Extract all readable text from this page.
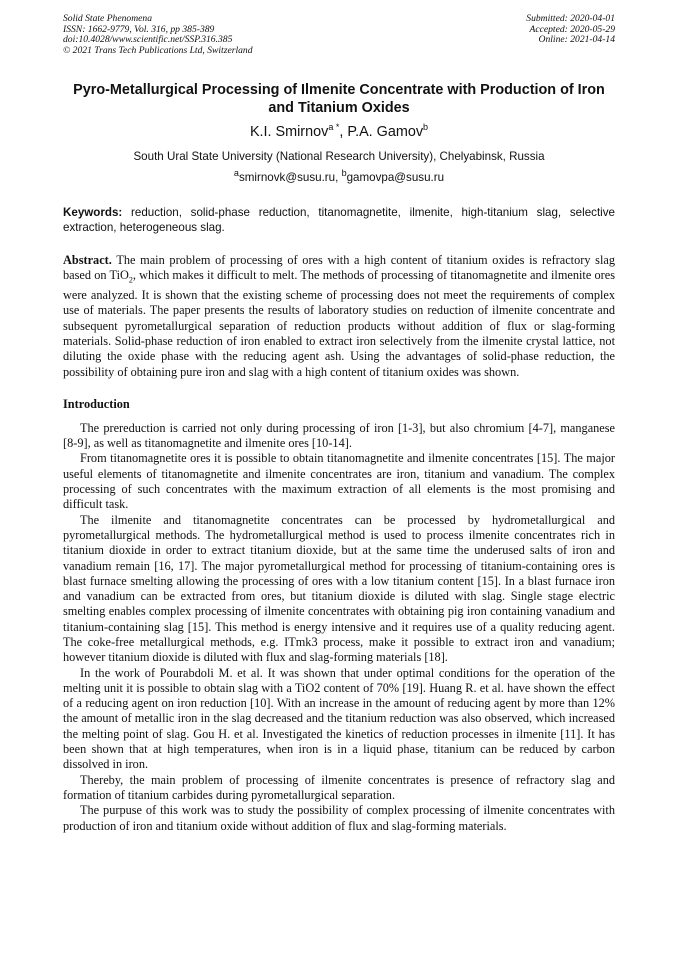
Solid State Phenomena
ISSN: 1662-9779, Vol. 316, pp 385-389
doi:10.4028/www.scientific.net/SSP.316.385
© 2021 Trans Tech Publications Ltd, Switzerland
Submitted: 2020-04-01
Accepted: 2020-05-29
Online: 2021-04-14
Pyro-Metallurgical Processing of Ilmenite Concentrate with Production of Iron and Titanium Oxides
K.I. Smirnov$^{a *}$, P.A. Gamov$^b$
South Ural State University (National Research University), Chelyabinsk, Russia
$^a$smirnovk@susu.ru, $^b$gamovpa@susu.ru
Keywords: reduction, solid-phase reduction, titanomagnetite, ilmenite, high-titanium slag, selective extraction, heterogeneous slag.
Abstract. The main problem of processing of ores with a high content of titanium oxides is refractory slag based on TiO$_2$, which makes it difficult to melt. The methods of processing of titanomagnetite and ilmenite ores were analyzed. It is shown that the existing scheme of processing does not meet the requirements of complex use of materials. The paper presents the results of laboratory studies on reduction of ilmenite concentrate and subsequent pyrometallurgical separation of reduction products without addition of flux or slag-forming materials. Solid-phase reduction of iron enabled to extract iron selectively from the ilmenite crystal lattice, not diluting the oxide phase with the reducing agent ash. Using the advantages of solid-phase reduction, the possibility of obtaining pure iron and slag with a high content of titanium oxides was shown.
Introduction

The prereduction is carried not only during processing of iron [1-3], but also chromium [4-7], manganese [8-9], as well as titanomagnetite and ilmenite ores [10-14].

From titanomagnetite ores it is possible to obtain titanomagnetite and ilmenite concentrates [15]. The major useful elements of titanomagnetite and ilmenite concentrates are iron, titanium and vanadium. The complex processing of such concentrates with the maximum extraction of all elements is the most promising and difficult task.

The ilmenite and titanomagnetite concentrates can be processed by hydrometallurgical and pyrometallurgical methods. The hydrometallurgical method is used to process ilmenite concentrates rich in titanium dioxide in order to extract titanium dioxide, but at the same time the underused salts of iron and vanadium remain [16, 17]. The major pyrometallurgical method for processing of titanium-containing ores is blast furnace smelting allowing the processing of ores with a low titanium content [15]. In a blast furnace iron and vanadium can be extracted from ores, but titanium dioxide is diluted with slag. Single stage electric smelting enables complex processing of ilmenite concentrates with obtaining pig iron containing vanadium and titanium-containing slag [15]. This method is energy intensive and it requires use of a quality reducing agent. The coke-free metallurgical methods, e.g. ITmk3 process, make it possible to extract iron and vanadium; however titanium dioxide is diluted with flux and slag-forming materials [18].

In the work of Pourabdoli M. et al. It was shown that under optimal conditions for the operation of the melting unit it is possible to obtain slag with a TiO2 content of 70% [19]. Huang R. et al. have shown the effect of a reducing agent on iron reduction [10]. With an increase in the amount of reducing agent by more than 12% the amount of metallic iron in the slag decreased and the titanium reduction was also observed, which increased the melting point of slag. Gou H. et al. Investigated the kinetics of reduction processes in ilmenite [11]. It has been shown that at high temperatures, when iron is in a liquid phase, titanium can be reduced by carbon dissolved in iron.

Thereby, the main problem of processing of ilmenite concentrates is presence of refractory slag and formation of titanium carbides during pyrometallurgical separation.

The purpuse of this work was to study the possibility of complex processing of ilmenite concentrates with production of iron and titanium oxide without addition of flux and slag-forming materials.
